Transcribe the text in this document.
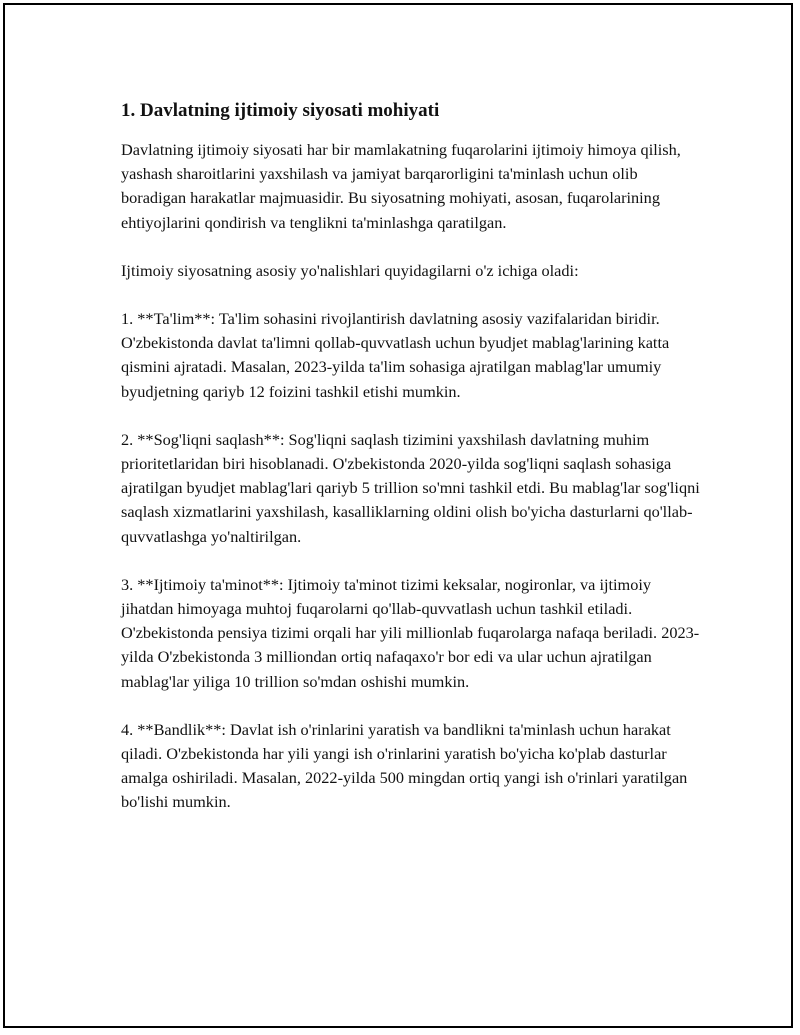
1. Davlatning ijtimoiy siyosati mohiyati

Davlatning ijtimoiy siyosati har bir mamlakatning fuqarolarini ijtimoiy himoya qilish, yashash sharoitlarini yaxshilash va jamiyat barqarorligini ta'minlash uchun olib boradigan harakatlar majmuasidir. Bu siyosatning mohiyati, asosan, fuqarolarining ehtiyojlarini qondirish va tenglikni ta'minlashga qaratilgan.

Ijtimoiy siyosatning asosiy yo'nalishlari quyidagilarni o'z ichiga oladi:

1. **Ta'lim**: Ta'lim sohasini rivojlantirish davlatning asosiy vazifalaridan biridir. O'zbekistonda davlat ta'limni qollab-quvvatlash uchun byudjet mablag'larining katta qismini ajratadi. Masalan, 2023-yilda ta'lim sohasiga ajratilgan mablag'lar umumiy byudjetning qariyb 12 foizini tashkil etishi mumkin.

2. **Sog'liqni saqlash**: Sog'liqni saqlash tizimini yaxshilash davlatning muhim prioritetlaridan biri hisoblanadi. O'zbekistonda 2020-yilda sog'liqni saqlash sohasiga ajratilgan byudjet mablag'lari qariyb 5 trillion so'mni tashkil etdi. Bu mablag'lar sog'liqni saqlash xizmatlarini yaxshilash, kasalliklarning oldini olish bo'yicha dasturlarni qo'llab-quvvatlashga yo'naltirilgan.

3. **Ijtimoiy ta'minot**: Ijtimoiy ta'minot tizimi keksalar, nogironlar, va ijtimoiy jihatdan himoyaga muhtoj fuqarolarni qo'llab-quvvatlash uchun tashkil etiladi. O'zbekistonda pensiya tizimi orqali har yili millionlab fuqarolarga nafaqa beriladi. 2023-yilda O'zbekistonda 3 milliondan ortiq nafaqaxo'r bor edi va ular uchun ajratilgan mablag'lar yiliga 10 trillion so'mdan oshishi mumkin.

4. **Bandlik**: Davlat ish o'rinlarini yaratish va bandlikni ta'minlash uchun harakat qiladi. O'zbekistonda har yili yangi ish o'rinlarini yaratish bo'yicha ko'plab dasturlar amalga oshiriladi. Masalan, 2022-yilda 500 mingdan ortiq yangi ish o'rinlari yaratilgan bo'lishi mumkin.
